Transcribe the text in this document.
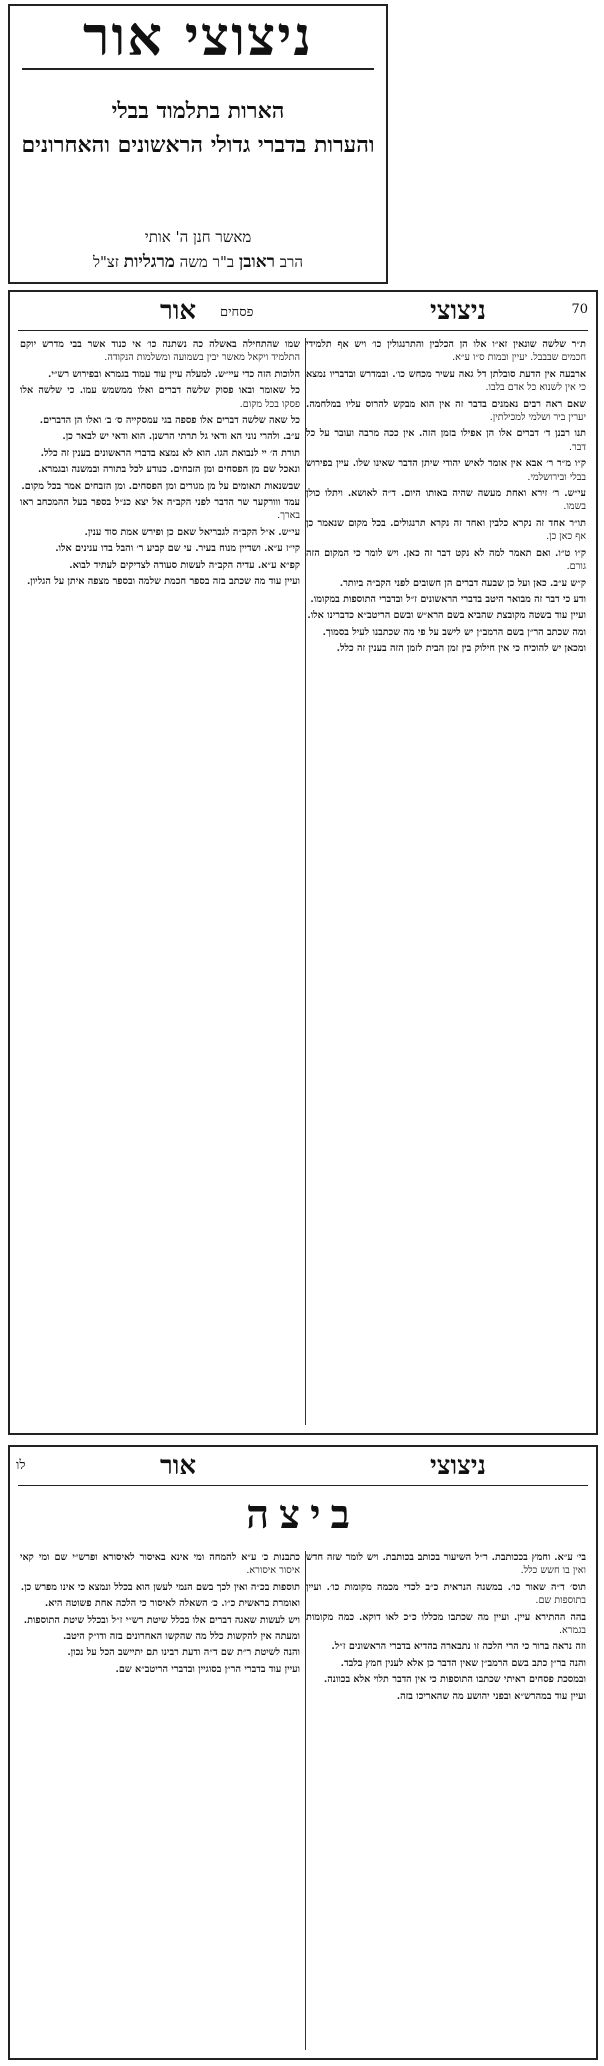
ניצוצי אור
הארות בתלמוד בבלי
והערות בדברי גדולי הראשונים והאחרונים
מאשר חנן ה' אותי
הרב ראובן ב"ר משה מרגליות זצ"ל
ניצוצי
פסחים
אור	70

ת״ר שלשה שונאין זא״ו אלו הן הכלבין והתרנגולין כו׳ ויש אף תלמידי חכמים שבבבל. יעיין ובמות ס״ו ע״א.

ארבעה אין הדעת סובלתן דל גאה עשיר מכחש כו׳. ובמדרש ובדבריו נמצא כי אין לשנוא כל אדם בלבו.

שאם ראה רבים נאמנים בדבר זה אין הוא מבקש להרוס עליו במלחמה. יערין ביר ושלמי למכילתין.

תנו רבנן ד׳ דברים אלו הן אפילו בזמן הזה. אין ככה מרבה ועובר על כל דבר.

ק״ו מ״ר ר׳ אבא אין אומר לאיש יהודי שיתן הדבר שאינו שלו. עיין בפירוש בבלי ובירושלמי.

עי״ש. ר׳ זירא ואחת מעשה שהיה באותו היום. ד״ה לאושא. ויתלו כולן בשמו.

תו״ר אחד זה נקרא כלבין ואחד זה נקרא תרנגולים. בכל מקום שנאמר כן אף כאן כן.

ק״ו ט״ו. ואם תאמר למה לא נקט דבר זה כאן. ויש לומר כי המקום הזה גורם.

ק״ש ע״ב. כאן ועל כן שבעה דברים הן חשובים לפני הקב״ה ביותר.

ודע כי דבר זה מבואר היטב בדברי הראשונים ז״ל ובדברי התוספות במקומו.

ועיין עוד בשטה מקובצת שהביא בשם הרא״ש ובשם הריטב״א כדברינו אלו.

ומה שכתב הר״ן בשם הרמב״ן יש לישב על פי מה שכתבנו לעיל בסמוך.

ומכאן יש להוכיח כי אין חילוק בין זמן הבית לזמן הזה בענין זה כלל.

שמו שהתחילה באשלה כה נשתנה כו׳ אי כנוד אשר בבי מדרש יוקם התלמיד ויקאל מאשר יבין בשמועה ומשלמות הנקודה.

הלוכות הזה כדי עיי״ש. למעלה עיין עוד עמוד בגמרא ובפירוש רש״י.

כל שאומר ובאו פסוק שלשה דברים ואלו ממשמש עמו. כי שלשה אלו פסקו בכל מקום.

כל שאה שלשה דברים אלו פספה בגי עמסקייה ס׳ ב׳ ואלו הן הדברים.

ע״ב. ולהרי נוני הא ודאי גל תרתי הרשנן. הוא ודאי יש לבאר כן.

תורת ה׳ יי לנבואת הגו. הוא לא נמצא בדברי הראשונים בענין זה כלל.

ונאכל שם מן הפסחים ומן הזבחים. כנודע לכל בתורה ובמשנה ובגמרא.

שבשנאות תאומים על מן מגורים ומן הפסחים. ומן הזבחים אמר בכל מקום.

עמד ווורקער שר הדבר לפני הקב״ה אל יצא כנ״ל בספר בעל ההמכחב ראו בארך.

עי״ש. א״ל הקב״ה לגבריאל שאם כן ופירש אמת סוד ענין.

קי״ז ע״א. ושדיין מנוח בעיר. עי שם קביע ר׳ והבל בדו ענינים אלו.

קפ״א ע״א. עדיה הקב״ה לעשות סעודה לצדיקים לעתיד לבוא.

ועיין עוד מה שכתב בזה בספר חכמת שלמה ובספר מצפה איתן על הגליון.

ניצוצי
אור
לו
ביצה

בי׳ ע״א. וחמץ בככותבת. ר״ל השיעור בכותב בכותבת. ויש לומר שזה חדש ואין בו חשש כלל.

תוס׳ ד״ה שאור כו׳. במשנה הנראית כ״ב לכדי מכמה מקומות כו׳. ועיין בתוספות שם.

בהה ההתירא עיין. ועיין מה שכתבו מכללו כ״כ לאו דוקא. כמה מקומות בגמרא.

וזה נראה ברור כי הרי הלכה זו נתבארה בהדיא בדברי הראשונים ז״ל.

והנה בר״ן כתב בשם הרמב״ן שאין הדבר כן אלא לענין חמץ בלבד.

ובמסכת פסחים ראיתי שכתבו התוספות כי אין הדבר תלוי אלא בכוונה.

ועיין עוד במהרש״א ובפני יהושע מה שהאריכו בזה.

כתבנות כ׳ ע״א להמחה ומי אינא באיסור לאיסורא ופרש״י שם ומי קאי איסור איסורא.

תוספות בכ״ה ואין לכך בשם הנמי לעשן הוא בכלל ונמצא כי אינו מפרש כן.

ואומרת בראשית כ״ו. כ׳ השאלה לאיסור כי הלכה אחת פשוטה היא.

ויש לעשות שאגה דברים אלו בכלל שיטת רש״י ז״ל ובכלל שיטת התוספות.

ומעתה אין להקשות כלל מה שהקשו האחרונים בזה ודו״ק היטב.

והנה לשיטת ר״ת שם ד״ה ודעת רבינו תם יתיישב הכל על נכון.

ועיין עוד בדברי הר״ן בסוגיין ובדברי הריטב״א שם.
